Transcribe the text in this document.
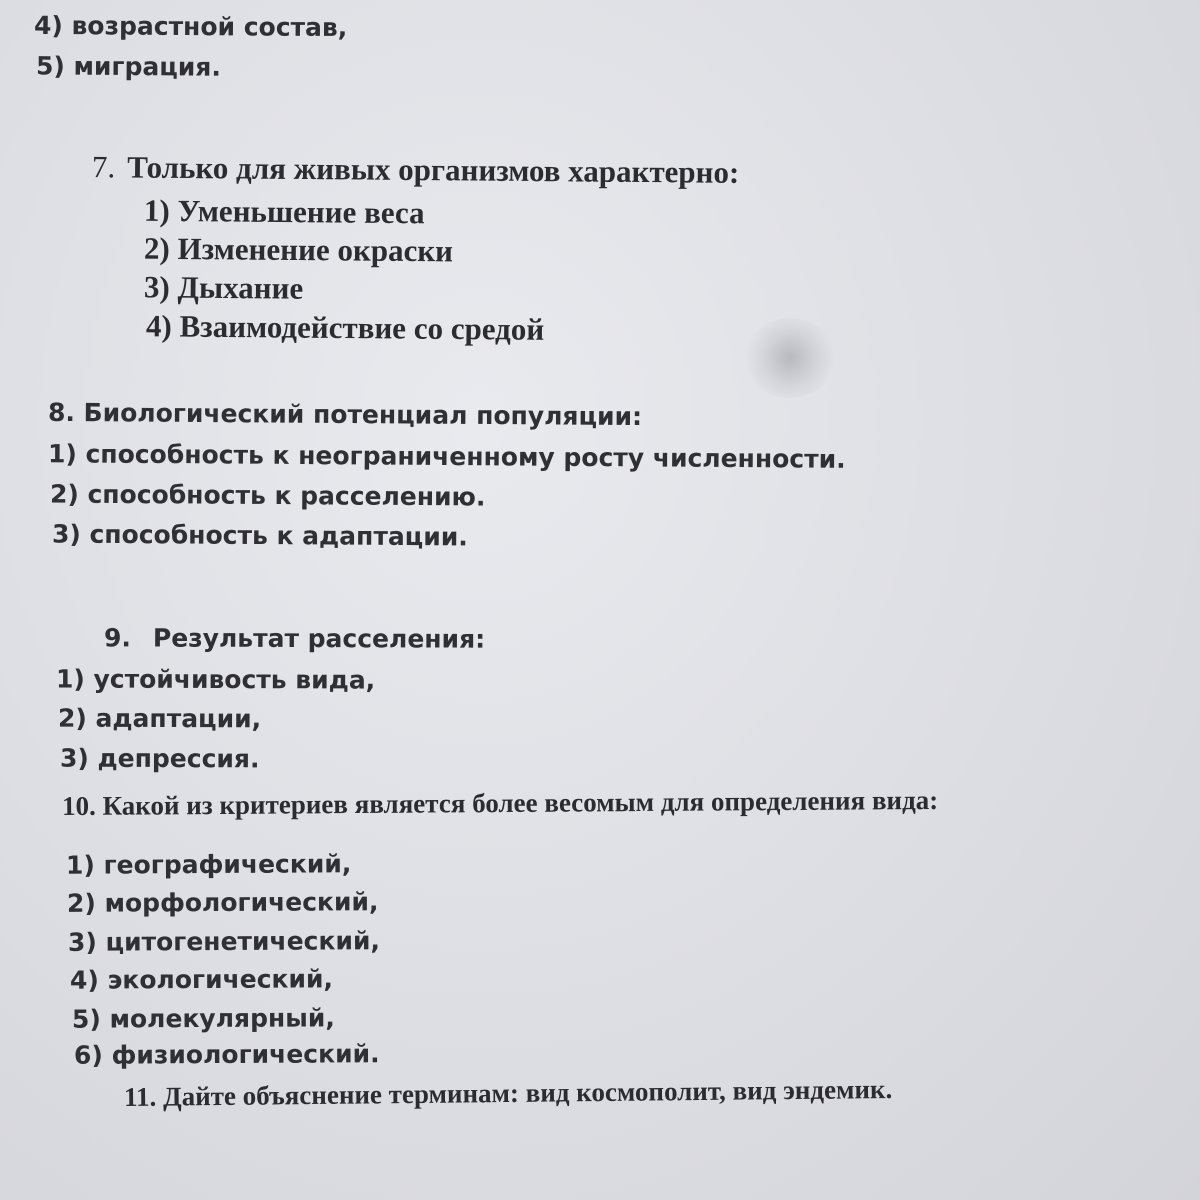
4) возрастной состав,
5) миграция.
7. Только для живых организмов характерно:
1) Уменьшение веса
2) Изменение окраски
3) Дыхание
4) Взаимодействие со средой
8. Биологический потенциал популяции:
1) способность к неограниченному росту численности.
2) способность к расселению.
3) способность к адаптации.
9. Результат расселения:
1) устойчивость вида,
2) адаптации,
3) депрессия.
10. Какой из критериев является более весомым для определения вида:
1) географический,
2) морфологический,
3) цитогенетический,
4) экологический,
5) молекулярный,
6) физиологический.
11. Дайте объяснение терминам: вид космополит, вид эндемик.
